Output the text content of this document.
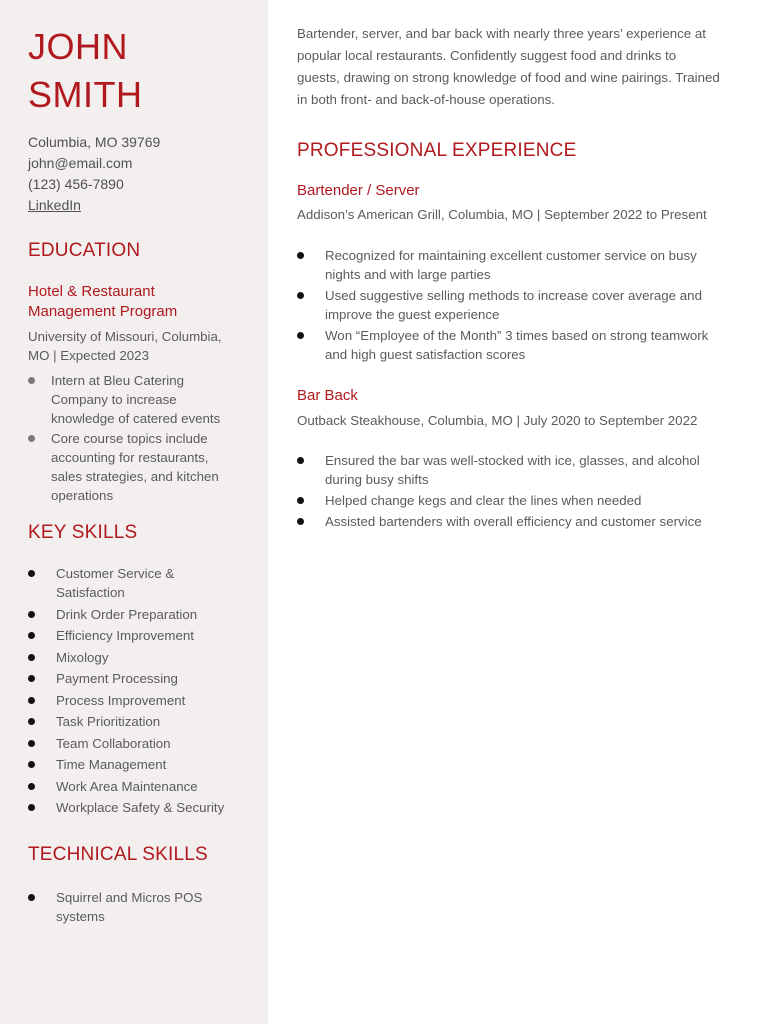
JOHN
SMITH
Columbia, MO 39769
john@email.com
(123) 456-7890
LinkedIn
EDUCATION
Hotel & Restaurant
Management Program
University of Missouri, Columbia,
MO | Expected 2023
Intern at Bleu Catering
Company to increase
knowledge of catered events
Core course topics include
accounting for restaurants,
sales strategies, and kitchen
operations
KEY SKILLS
Customer Service &
Satisfaction
Drink Order Preparation
Efficiency Improvement
Mixology
Payment Processing
Process Improvement
Task Prioritization
Team Collaboration
Time Management
Work Area Maintenance
Workplace Safety & Security
TECHNICAL SKILLS
Squirrel and Micros POS
systems
Bartender, server, and bar back with nearly three years’ experience at
popular local restaurants. Confidently suggest food and drinks to
guests, drawing on strong knowledge of food and wine pairings. Trained
in both front- and back-of-house operations.
PROFESSIONAL EXPERIENCE
Bartender / Server
Addison’s American Grill, Columbia, MO | September 2022 to Present
Recognized for maintaining excellent customer service on busy
nights and with large parties
Used suggestive selling methods to increase cover average and
improve the guest experience
Won “Employee of the Month” 3 times based on strong teamwork
and high guest satisfaction scores
Bar Back
Outback Steakhouse, Columbia, MO | July 2020 to September 2022
Ensured the bar was well-stocked with ice, glasses, and alcohol
during busy shifts
Helped change kegs and clear the lines when needed
Assisted bartenders with overall efficiency and customer service
